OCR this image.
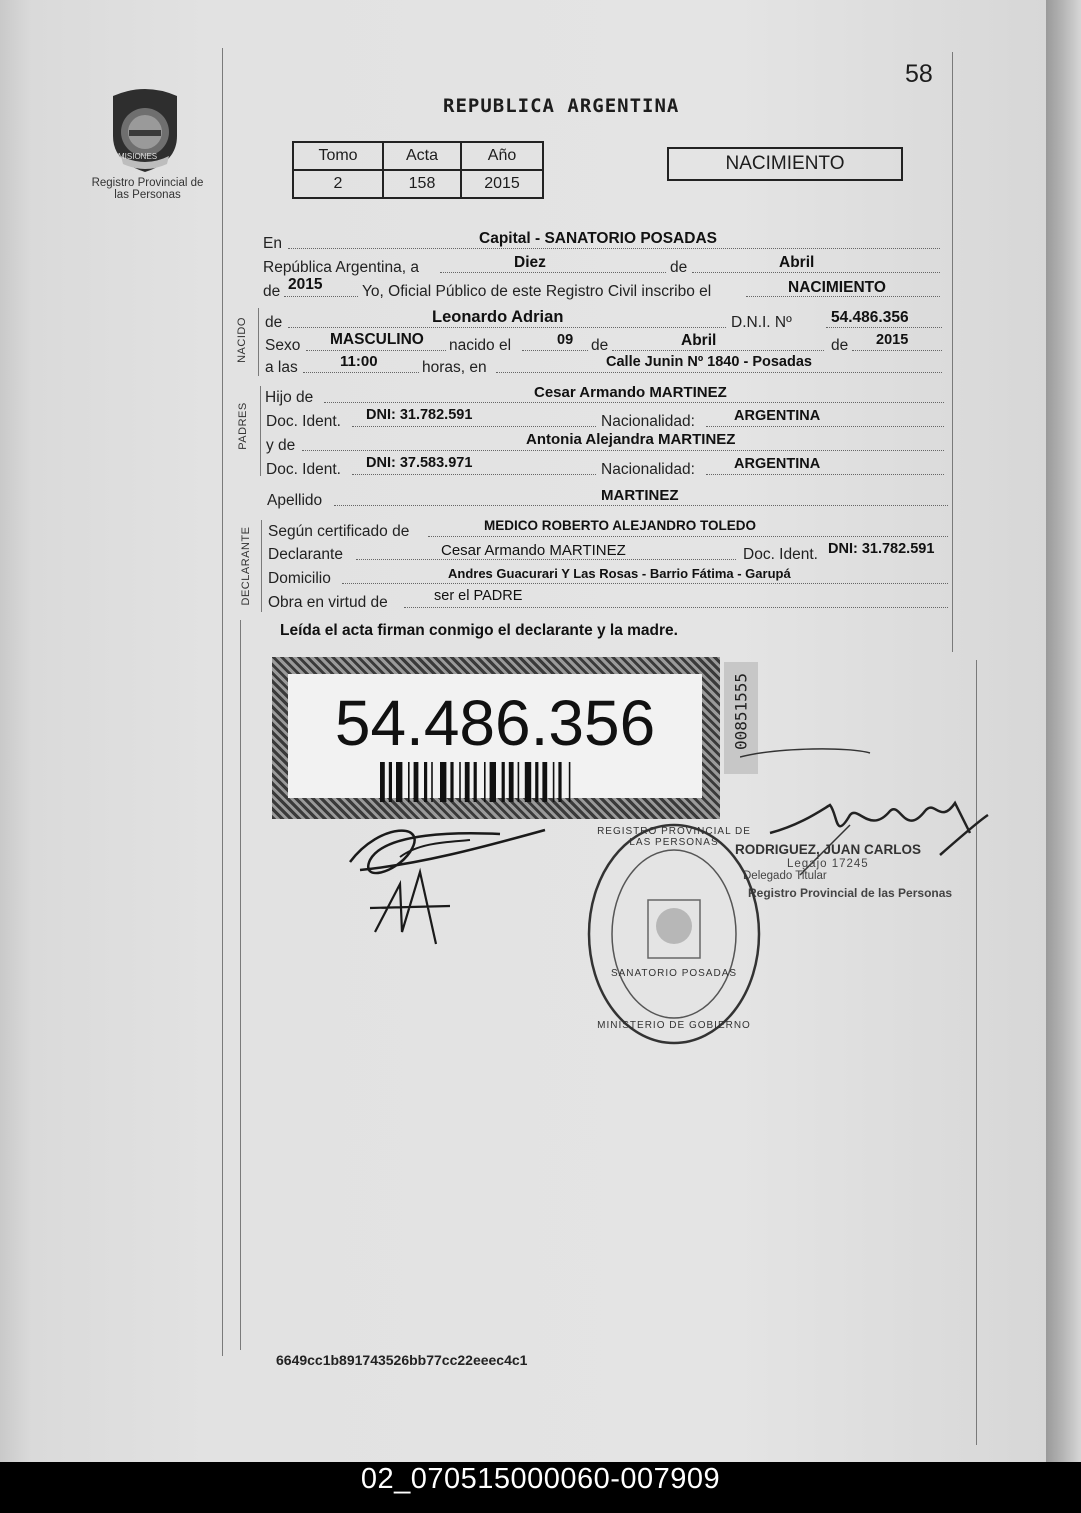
58
MISIONES
Registro Provincial de las Personas
REPUBLICA ARGENTINA
Tomo	Acta	Año
2	158	2015
NACIMIENTO
En	Capital - SANATORIO POSADAS
República Argentina, a	Diez	de	Abril
de 2015	Yo, Oficial Público de este Registro Civil inscribo el	NACIMIENTO
NACIDO de	Leonardo Adrian	D.N.I. Nº	54.486.356
Sexo MASCULINO nacido el	09 de	Abril	de 2015
a las	11:00	horas, en	Calle Junin Nº 1840 - Posadas
PADRES
Hijo de	Cesar Armando MARTINEZ
Doc. Ident. DNI: 31.782.591	Nacionalidad:	ARGENTINA
y de	Antonia Alejandra MARTINEZ
Doc. Ident. DNI: 37.583.971	Nacionalidad:	ARGENTINA
Apellido	MARTINEZ
DECLARANTE Según certificado de	MEDICO ROBERTO ALEJANDRO TOLEDO
Declarante	Cesar Armando MARTINEZ	Doc. Ident. DNI: 31.782.591
Domicilio	Andres Guacurari Y Las Rosas - Barrio Fátima - Garupá
Obra en virtud de	ser el PADRE
Leída el acta firman conmigo el declarante y la madre.
54.486.356	00851555
RODRIGUEZ, JUAN CARLOS
Legajo 17245
Delegado Titular
Registro Provincial de las Personas
REGISTRO PROVINCIAL DE LAS PERSONAS
SANATORIO POSADAS
MINISTERIO DE GOBIERNO
6649cc1b891743526bb77cc22eeec4c1
02_070515000060-007909
